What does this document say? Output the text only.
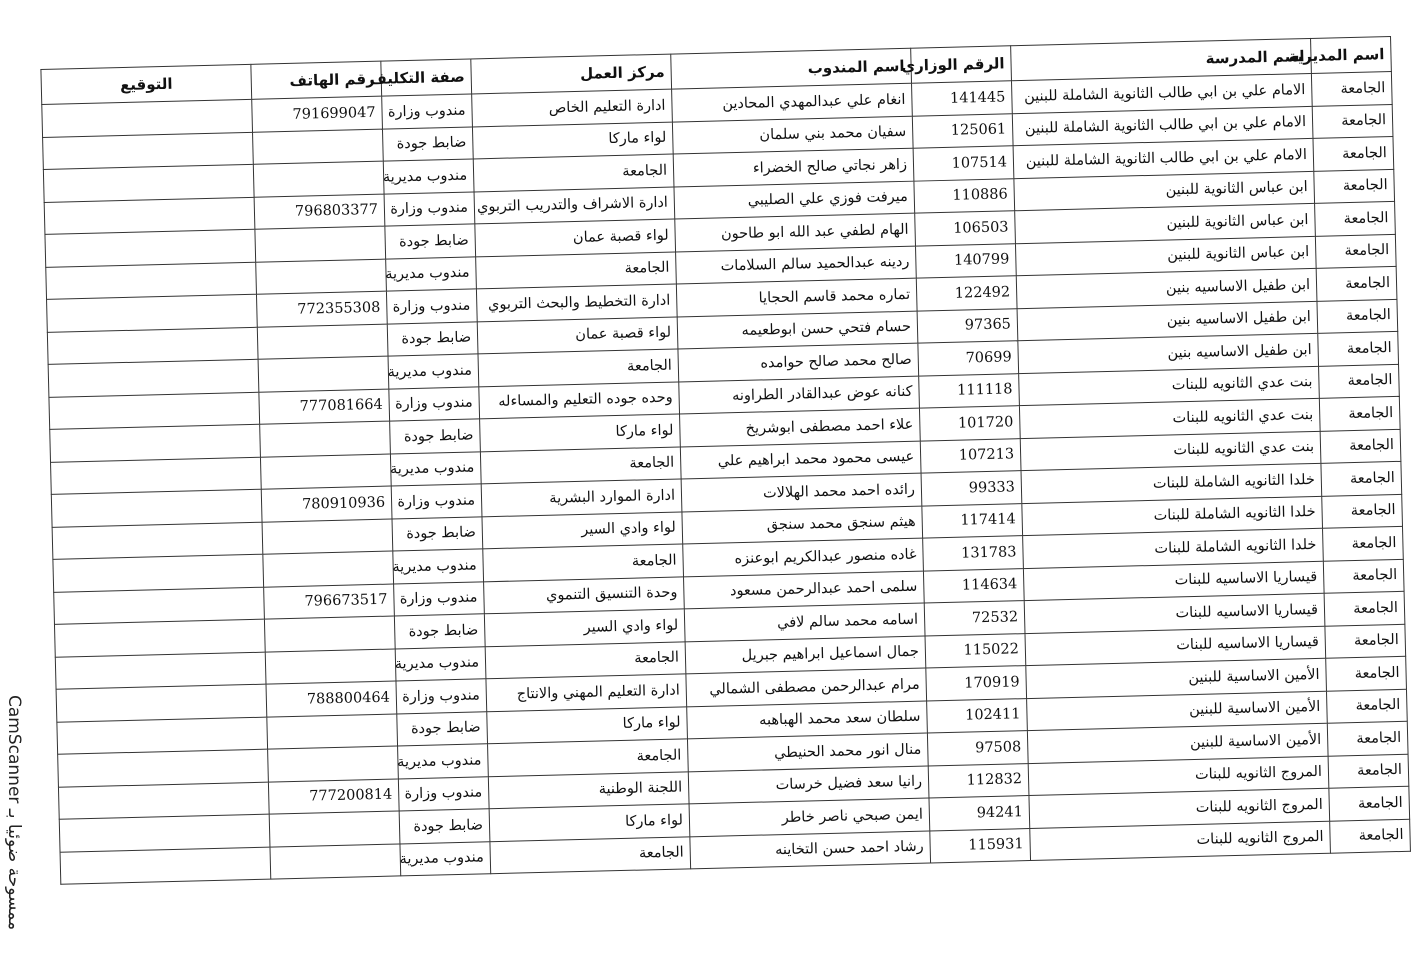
اسم المديرية	اسم المدرسة	الرقم الوزاري	اسم المندوب	مركز العمل	صفة التكليف	رقم الهاتف	التوقيع
الجامعة	الامام علي بن ابي طالب الثانوية الشاملة للبنين	141445	انغام علي عبدالمهدي المحادين	ادارة التعليم الخاص	مندوب وزارة	791699047	
الجامعة	الامام علي بن ابي طالب الثانوية الشاملة للبنين	125061	سفيان محمد بني سلمان	لواء ماركا	ضابط جودة		
الجامعة	الامام علي بن ابي طالب الثانوية الشاملة للبنين	107514	زاهر نجاتي صالح الخضراء	الجامعة	مندوب مديرية		
الجامعة	ابن عباس الثانوية للبنين	110886	ميرفت فوزي علي الصليبي	ادارة الاشراف والتدريب التربوي	مندوب وزارة	796803377	
الجامعة	ابن عباس الثانوية للبنين	106503	الهام لطفي عبد الله ابو طاحون	لواء قصبة عمان	ضابط جودة		
الجامعة	ابن عباس الثانوية للبنين	140799	ردينه عبدالحميد سالم السلامات	الجامعة	مندوب مديرية		
الجامعة	ابن طفيل الاساسيه بنين	122492	تماره محمد قاسم الحجايا	ادارة التخطيط والبحث التربوي	مندوب وزارة	772355308	
الجامعة	ابن طفيل الاساسيه بنين	97365	حسام فتحي حسن ابوطعيمه	لواء قصبة عمان	ضابط جودة		
الجامعة	ابن طفيل الاساسيه بنين	70699	صالح محمد صالح حوامده	الجامعة	مندوب مديرية		
الجامعة	بنت عدي الثانويه للبنات	111118	كنانه عوض عبدالقادر الطراونه	وحده جوده التعليم والمساءله	مندوب وزارة	777081664	
الجامعة	بنت عدي الثانويه للبنات	101720	علاء احمد مصطفى ابوشريخ	لواء ماركا	ضابط جودة		
الجامعة	بنت عدي الثانويه للبنات	107213	عيسى محمود محمد ابراهيم علي	الجامعة	مندوب مديرية		
الجامعة	خلدا الثانويه الشاملة للبنات	99333	رائده احمد محمد الهلالات	ادارة الموارد البشرية	مندوب وزارة	780910936	
الجامعة	خلدا الثانويه الشاملة للبنات	117414	هيثم سنجق محمد سنجق	لواء وادي السير	ضابط جودة		
الجامعة	خلدا الثانويه الشاملة للبنات	131783	غاده منصور عبدالكريم ابوعنزه	الجامعة	مندوب مديرية		
الجامعة	قيساريا الاساسيه للبنات	114634	سلمى احمد عبدالرحمن مسعود	وحدة التنسيق التنموي	مندوب وزارة	796673517	
الجامعة	قيساريا الاساسيه للبنات	72532	اسامه محمد سالم لافي	لواء وادي السير	ضابط جودة		
الجامعة	قيساريا الاساسيه للبنات	115022	جمال اسماعيل ابراهيم جبريل	الجامعة	مندوب مديرية		
الجامعة	الأمين الاساسية للبنين	170919	مرام عبدالرحمن مصطفى الشمالي	ادارة التعليم المهني والانتاج	مندوب وزارة	788800464	
الجامعة	الأمين الاساسية للبنين	102411	سلطان سعد محمد الهباهبه	لواء ماركا	ضابط جودة		
الجامعة	الأمين الاساسية للبنين	97508	منال انور محمد الحنيطي	الجامعة	مندوب مديرية		
الجامعة	المروج الثانويه للبنات	112832	رانيا سعد فضيل خرسات	اللجنة الوطنية	مندوب وزارة	777200814	
الجامعة	المروج الثانويه للبنات	94241	ايمن صبحي ناصر خاطر	لواء ماركا	ضابط جودة		
الجامعة	المروج الثانويه للبنات	115931	رشاد احمد حسن التخاينه	الجامعة	مندوب مديرية		
ممسوحة ضوئيا بـ CamScanner
